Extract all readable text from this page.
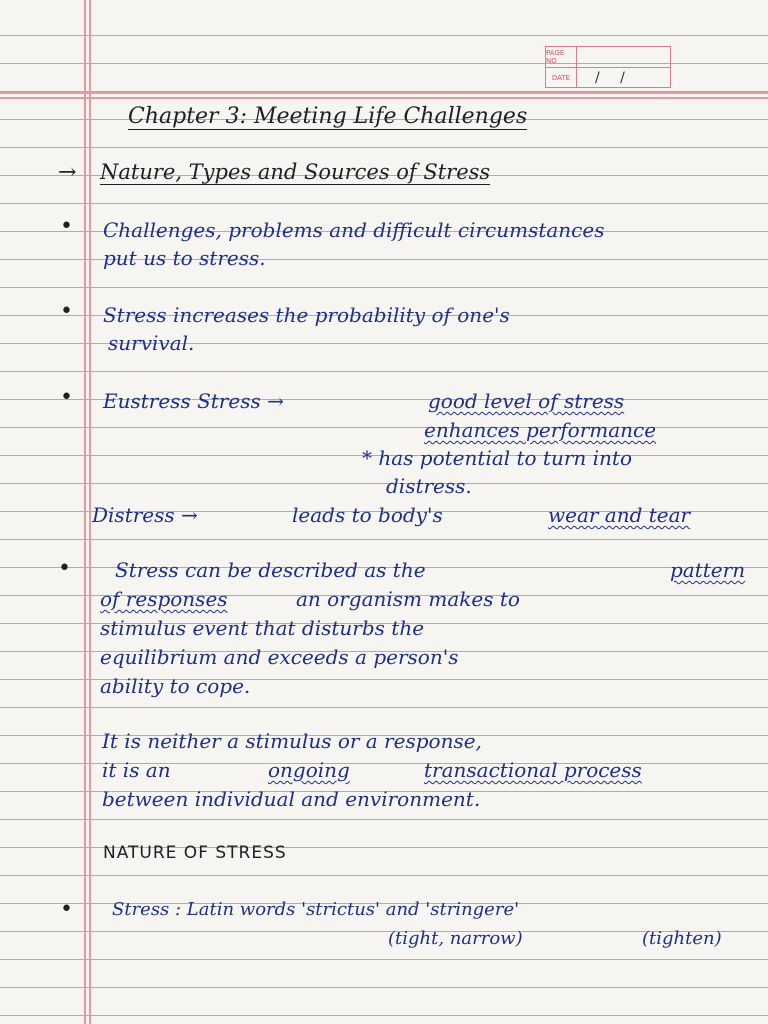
PAGE NO
DATE	/ /
Chapter 3: Meeting Life Challenges
→ Nature, Types and Sources of Stress
• Challenges, problems and difficult circumstances
put us to stress.
• Stress increases the probability of one's
survival.
• Eustress Stress →	good level of stress
enhances performance
* has potential to turn into
distress.
Distress →	leads to body's	wear and tear
• Stress can be described as the	pattern
of responses	an organism makes to
stimulus event that disturbs the
equilibrium and exceeds a person's
ability to cope.
It is neither a stimulus or a response,
it is an	ongoing	transactional process
between individual and environment.
NATURE OF STRESS
• Stress : Latin words 'strictus' and 'stringere'
(tight, narrow)	(tighten)
